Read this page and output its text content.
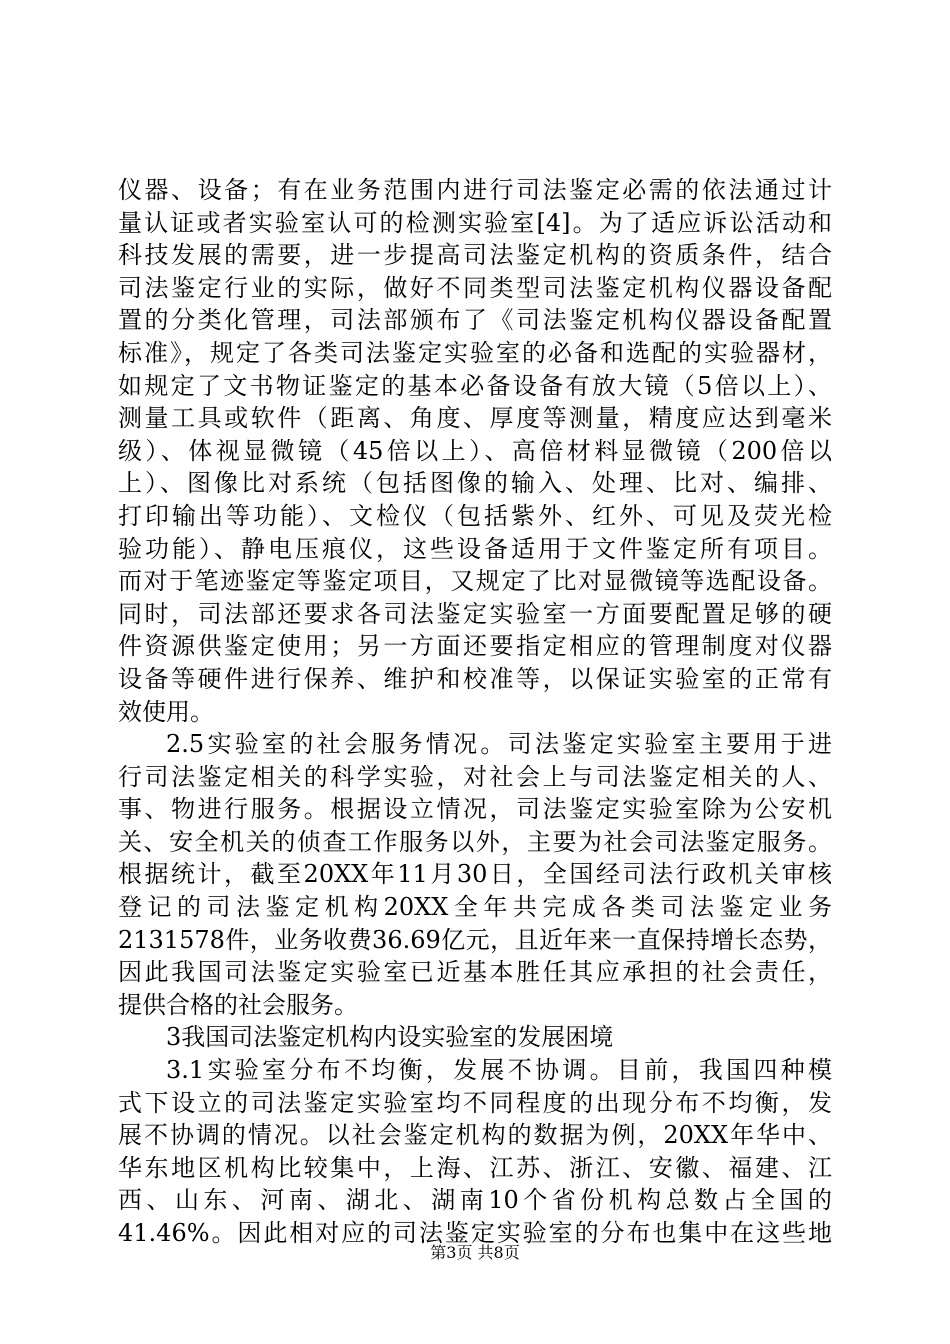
仪器、设备；有在业务范围内进行司法鉴定必需的依法通过计
量认证或者实验室认可的检测实验室[4]。为了适应诉讼活动和
科技发展的需要，进一步提高司法鉴定机构的资质条件，结合
司法鉴定行业的实际，做好不同类型司法鉴定机构仪器设备配
置的分类化管理，司法部颁布了《司法鉴定机构仪器设备配置
标准》，规定了各类司法鉴定实验室的必备和选配的实验器材，
如规定了文书物证鉴定的基本必备设备有放大镜（5倍以上）、
测量工具或软件（距离、角度、厚度等测量，精度应达到毫米
级）、体视显微镜（45倍以上）、高倍材料显微镜（200倍以
上）、图像比对系统（包括图像的输入、处理、比对、编排、
打印输出等功能）、文检仪（包括紫外、红外、可见及荧光检
验功能）、静电压痕仪，这些设备适用于文件鉴定所有项目。
而对于笔迹鉴定等鉴定项目，又规定了比对显微镜等选配设备。
同时，司法部还要求各司法鉴定实验室一方面要配置足够的硬
件资源供鉴定使用；另一方面还要指定相应的管理制度对仪器
设备等硬件进行保养、维护和校准等，以保证实验室的正常有
效使用。
2.5实验室的社会服务情况。司法鉴定实验室主要用于进
行司法鉴定相关的科学实验，对社会上与司法鉴定相关的人、
事、物进行服务。根据设立情况，司法鉴定实验室除为公安机
关、安全机关的侦查工作服务以外，主要为社会司法鉴定服务。
根据统计，截至20XX年11月30日，全国经司法行政机关审核
登记的司法鉴定机构20XX全年共完成各类司法鉴定业务
2131578件，业务收费36.69亿元，且近年来一直保持增长态势，
因此我国司法鉴定实验室已近基本胜任其应承担的社会责任，
提供合格的社会服务。
3我国司法鉴定机构内设实验室的发展困境
3.1实验室分布不均衡，发展不协调。目前，我国四种模
式下设立的司法鉴定实验室均不同程度的出现分布不均衡，发
展不协调的情况。以社会鉴定机构的数据为例，20XX年华中、
华东地区机构比较集中，上海、江苏、浙江、安徽、福建、江
西、山东、河南、湖北、湖南10个省份机构总数占全国的
41.46%。因此相对应的司法鉴定实验室的分布也集中在这些地
第3页 共8页
